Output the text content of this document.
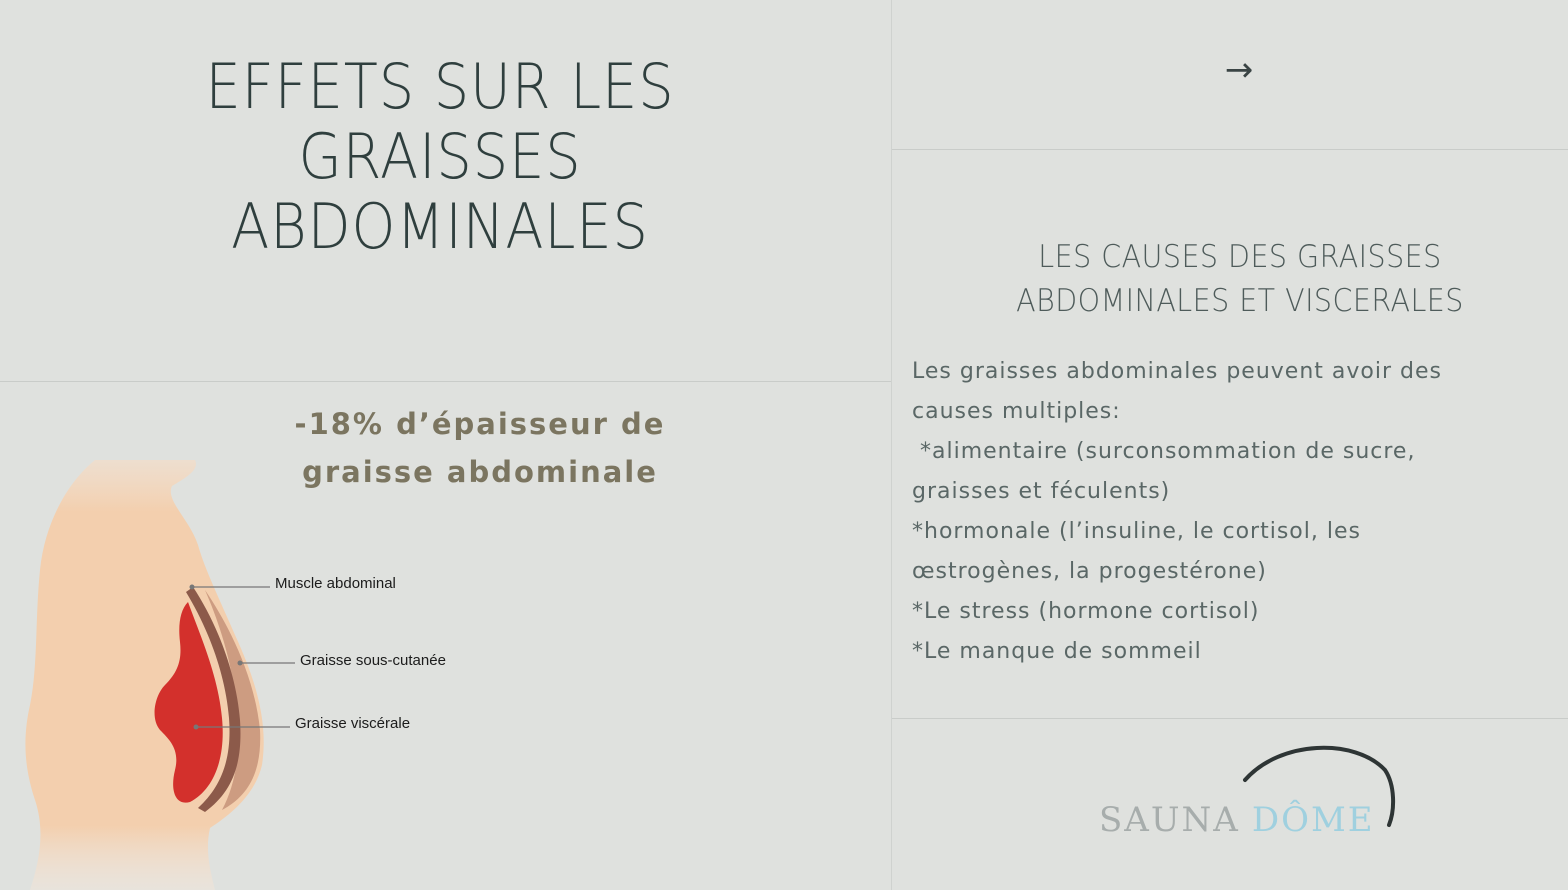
EFFETS SUR LES
GRAISSES
ABDOMINALES
-18% d’épaisseur de
graisse abdominale
Muscle abdominal
Graisse sous-cutanée
Graisse viscérale
→
LES CAUSES DES GRAISSES
ABDOMINALES ET VISCERALES
Les graisses abdominales peuvent avoir des
causes multiples:
*alimentaire (surconsommation de sucre,
graisses et féculents)
*hormonale (l’insuline, le cortisol, les
œstrogènes, la progestérone)
*Le stress (hormone cortisol)
*Le manque de sommeil
SAUNA DÔME
